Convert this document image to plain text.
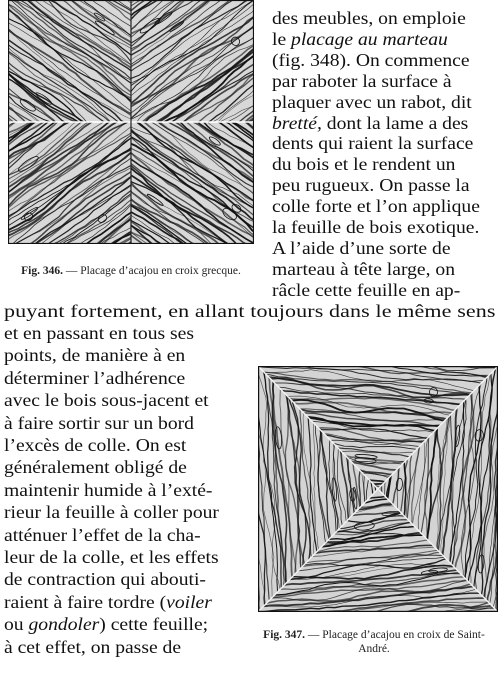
Fig. 346. — Placage d’acajou en croix grecque.
des meubles, on emploie
le placage au marteau
(fig. 348). On commence
par raboter la surface à
plaquer avec un rabot, dit
bretté, dont la lame a des
dents qui raient la surface
du bois et le rendent un
peu rugueux. On passe la
colle forte et l’on applique
la feuille de bois exotique.
A l’aide d’une sorte de
marteau à tête large, on
râcle cette feuille en ap-
puyant fortement, en allant toujours dans le même sens
et en passant en tous ses
points, de manière à en
déterminer l’adhérence
avec le bois sous-jacent et
à faire sortir sur un bord
l’excès de colle. On est
généralement obligé de
maintenir humide à l’exté-
rieur la feuille à coller pour
atténuer l’effet de la cha-
leur de la colle, et les effets
de contraction qui abouti-
raient à faire tordre (voiler
ou gondoler) cette feuille;
à cet effet, on passe de
Fig. 347. — Placage d’acajou en croix de Saint-André.
